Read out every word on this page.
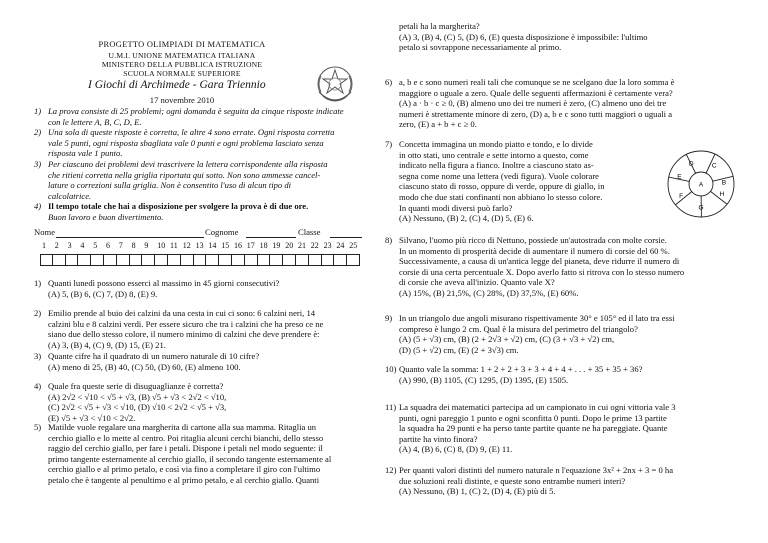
PROGETTO OLIMPIADI DI MATEMATICA
U.M.I. UNIONE MATEMATICA ITALIANA
MINISTERO DELLA PUBBLICA ISTRUZIONE
SCUOLA NORMALE SUPERIORE
I Giochi di Archimede - Gara Triennio
17 novembre 2010
1) La prova consiste di 25 problemi; ogni domanda è seguita da cinque risposte indicate
con le lettere A, B, C, D, E.
2) Una sola di queste risposte è corretta, le altre 4 sono errate. Ogni risposta corretta
vale 5 punti, ogni risposta sbagliata vale 0 punti e ogni problema lasciato senza
risposta vale 1 punto.
3) Per ciascuno dei problemi devi trascrivere la lettera corrispondente alla risposta
che ritieni corretta nella griglia riportata qui sotto. Non sono ammesse cancel-
lature o correzioni sulla griglia. Non è consentito l'uso di alcun tipo di
calcolatrice.
4) Il tempo totale che hai a disposizione per svolgere la prova è di due ore.
Buon lavoro e buon divertimento.
Nome	Cognome	Classe
1 2 3 4 5 6 7 8 9 10 11 12 13 14 15 16 17 18 19 20 21 22 23 24 25
1) Quanti lunedì possono esserci al massimo in 45 giorni consecutivi?
(A) 5, (B) 6, (C) 7, (D) 8, (E) 9.
2) Emilio prende al buio dei calzini da una cesta in cui ci sono: 6 calzini neri, 14
calzini blu e 8 calzini verdi. Per essere sicuro che tra i calzini che ha preso ce ne
siano due dello stesso colore, il numero minimo di calzini che deve prendere è:
(A) 3, (B) 4, (C) 9, (D) 15, (E) 21.
3) Quante cifre ha il quadrato di un numero naturale di 10 cifre?
(A) meno di 25, (B) 40, (C) 50, (D) 60, (E) almeno 100.
4) Quale fra queste serie di disuguaglianze è corretta?
(A) 2√2 < √10 < √5 + √3, (B) √5 + √3 < 2√2 < √10,
(C) 2√2 < √5 + √3 < √10, (D) √10 < 2√2 < √5 + √3,
(E) √5 + √3 < √10 < 2√2.
5) Matilde vuole regalare una margherita di cartone alla sua mamma. Ritaglia un
cerchio giallo e lo mette al centro. Poi ritaglia alcuni cerchi bianchi, dello stesso
raggio del cerchio giallo, per fare i petali. Dispone i petali nel modo seguente: il
primo tangente esternamente al cerchio giallo, il secondo tangente esternamente al
cerchio giallo e al primo petalo, e così via fino a completare il giro con l'ultimo
petalo che è tangente al penultimo e al primo petalo, e al cerchio giallo. Quanti
petali ha la margherita?
(A) 3, (B) 4, (C) 5, (D) 6, (E) questa disposizione è impossibile: l'ultimo
petalo si sovrappone necessariamente al primo.
6) a, b e c sono numeri reali tali che comunque se ne scelgano due la loro somma è
maggiore o uguale a zero. Quale delle seguenti affermazioni è certamente vera?
(A) a · b · c ≥ 0, (B) almeno uno dei tre numeri è zero, (C) almeno uno dei tre
numeri è strettamente minore di zero, (D) a, b e c sono tutti maggiori o uguali a
zero, (E) a + b + c ≥ 0.
7) Concetta immagina un mondo piatto e tondo, e lo divide
in otto stati, uno centrale e sette intorno a questo, come
indicato nella figura a fianco. Inoltre a ciascuno stato as-
segna come nome una lettera (vedi figura). Vuole colorare
ciascuno stato di rosso, oppure di verde, oppure di giallo, in
modo che due stati confinanti non abbiano lo stesso colore.
In quanti modi diversi può farlo?
(A) Nessuno, (B) 2, (C) 4, (D) 5, (E) 6.
8) Silvano, l'uomo più ricco di Nettuno, possiede un'autostrada con molte corsie.
In un momento di prosperità decide di aumentare il numero di corsie del 60 %.
Successivamente, a causa di un'antica legge del pianeta, deve ridurre il numero di
corsie di una certa percentuale X. Dopo averlo fatto si ritrova con lo stesso numero
di corsie che aveva all'inizio. Quanto vale X?
(A) 15%, (B) 21,5%, (C) 28%, (D) 37,5%, (E) 60%.
9) In un triangolo due angoli misurano rispettivamente 30° e 105° ed il lato tra essi
compreso è lungo 2 cm. Qual è la misura del perimetro del triangolo?
(A) (5 + √3) cm, (B) (2 + 2√3 + √2) cm, (C) (3 + √3 + √2) cm,
(D) (5 + √2) cm, (E) (2 + 3√3) cm.
10) Quanto vale la somma: 1 + 2 + 2 + 3 + 3 + 4 + 4 + . . . + 35 + 35 + 36?
(A) 990, (B) 1105, (C) 1295, (D) 1395, (E) 1505.
11) La squadra dei matematici partecipa ad un campionato in cui ogni vittoria vale 3
punti, ogni pareggio 1 punto e ogni sconfitta 0 punti. Dopo le prime 13 partite
la squadra ha 29 punti e ha perso tante partite quante ne ha pareggiate. Quante
partite ha vinto finora?
(A) 4, (B) 6, (C) 8, (D) 9, (E) 11.
12) Per quanti valori distinti del numero naturale n l'equazione 3x² + 2nx + 3 = 0 ha
due soluzioni reali distinte, e queste sono entrambe numeri interi?
(A) Nessuno, (B) 1, (C) 2, (D) 4, (E) più di 5.
A	B
C
D
E
F
G
H
